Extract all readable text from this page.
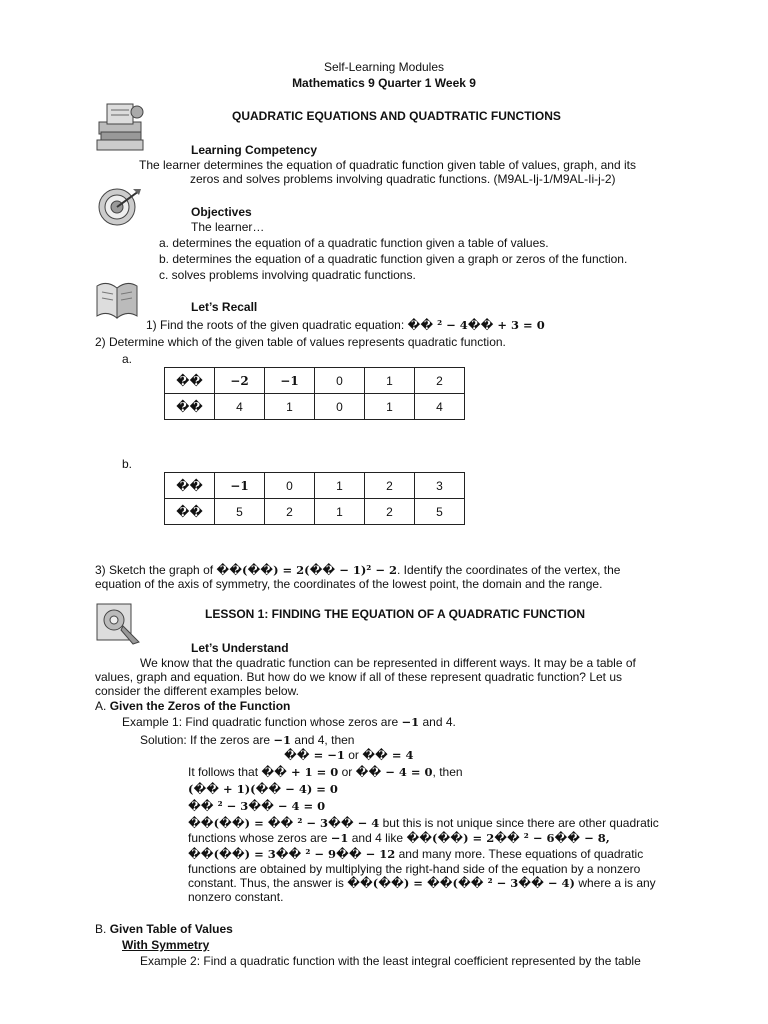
Self-Learning Modules
Mathematics 9 Quarter 1 Week 9
QUADRATIC EQUATIONS AND QUADTRATIC FUNCTIONS
Learning Competency
The learner determines the equation of quadratic function given table of values, graph, and its
zeros and solves problems involving quadratic functions. (M9AL-Ij-1/M9AL-Ii-j-2)
Objectives
The learner…
a. determines the equation of a quadratic function given a table of values.
b. determines the equation of a quadratic function given a graph or zeros of the function.
c. solves problems involving quadratic functions.
Let’s Recall
1) Find the roots of the given quadratic equation: �� ² − 4�� + 3 = 0
2) Determine which of the given table of values represents quadratic function.
a.
��	−2	−1	0	1	2
��	4	1	0	1	4
b.
��	−1	0	1	2	3
��	5	2	1	2	5
3) Sketch the graph of ��(��) = 2(�� − 1)² − 2. Identify the coordinates of the vertex, the
equation of the axis of symmetry, the coordinates of the lowest point, the domain and the range.
LESSON 1: FINDING THE EQUATION OF A QUADRATIC FUNCTION
Let’s Understand
We know that the quadratic function can be represented in different ways. It may be a table of
values, graph and equation. But how do we know if all of these represent quadratic function? Let us
consider the different examples below.
A. Given the Zeros of the Function
Example 1: Find quadratic function whose zeros are −1 and 4.
Solution: If the zeros are −1 and 4, then
�� = −1 or �� = 4
It follows that �� + 1 = 0 or �� − 4 = 0, then
(�� + 1)(�� − 4) = 0
�� ² − 3�� − 4 = 0
��(��) = �� ² − 3�� − 4 but this is not unique since there are other quadratic
functions whose zeros are −1 and 4 like ��(��) = 2�� ² − 6�� − 8,
��(��) = 3�� ² − 9�� − 12 and many more. These equations of quadratic
functions are obtained by multiplying the right-hand side of the equation by a nonzero
constant. Thus, the answer is ��(��) = ��(�� ² − 3�� − 4) where a is any
nonzero constant.
B. Given Table of Values
With Symmetry
Example 2: Find a quadratic function with the least integral coefficient represented by the table
